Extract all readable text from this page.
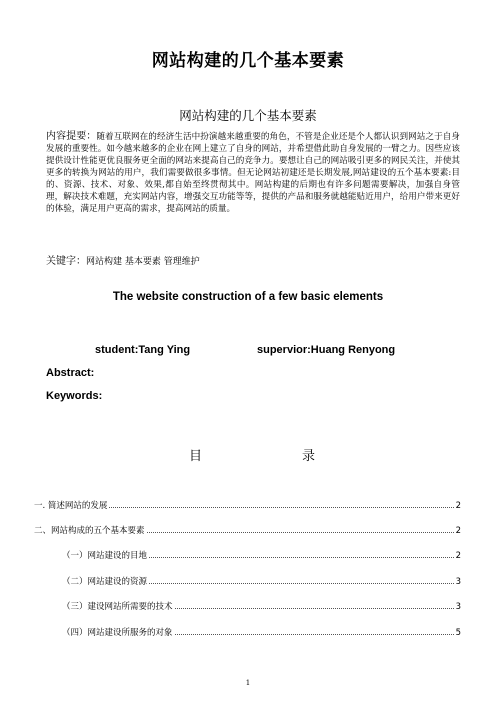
网站构建的几个基本要素
网站构建的几个基本要素
内容提要：随着互联网在的经济生活中扮演越来越重要的角色，不管是企业还是个人都认识到网站之于自身发展的重要性。如今越来越多的企业在网上建立了自身的网站，并希望借此助自身发展的一臂之力。因些应该提供设计性能更优良服务更全面的网站来提高自己的竞争力。要想让自己的网站吸引更多的网民关注，并使其更多的转换为网站的用户，我们需要做很多事情。但无论网站初建还是长期发展,网站建设的五个基本要素:目的、资源、技术、对象、效果,都自始至终贯彻其中。网站构建的后期也有许多问题需要解决，加强自身管理，解决技术难题，充实网站内容，增强交互功能等等，提供的产品和服务就越能贴近用户，给用户带来更好的体验，满足用户更高的需求，提高网站的质量。
关键字：网站构建 基本要素 管理维护
The website construction of a few basic elements
student:Tang Ying	supervior:Huang Renyong
Abstract:
Keywords:
目	录
一. 简述网站的发展	2
二、网站构成的五个基本要素	2
（一）网站建设的目地	2
（二）网站建设的资源	3
（三）建设网站所需要的技术	3
（四）网站建设所服务的对象	5
1
